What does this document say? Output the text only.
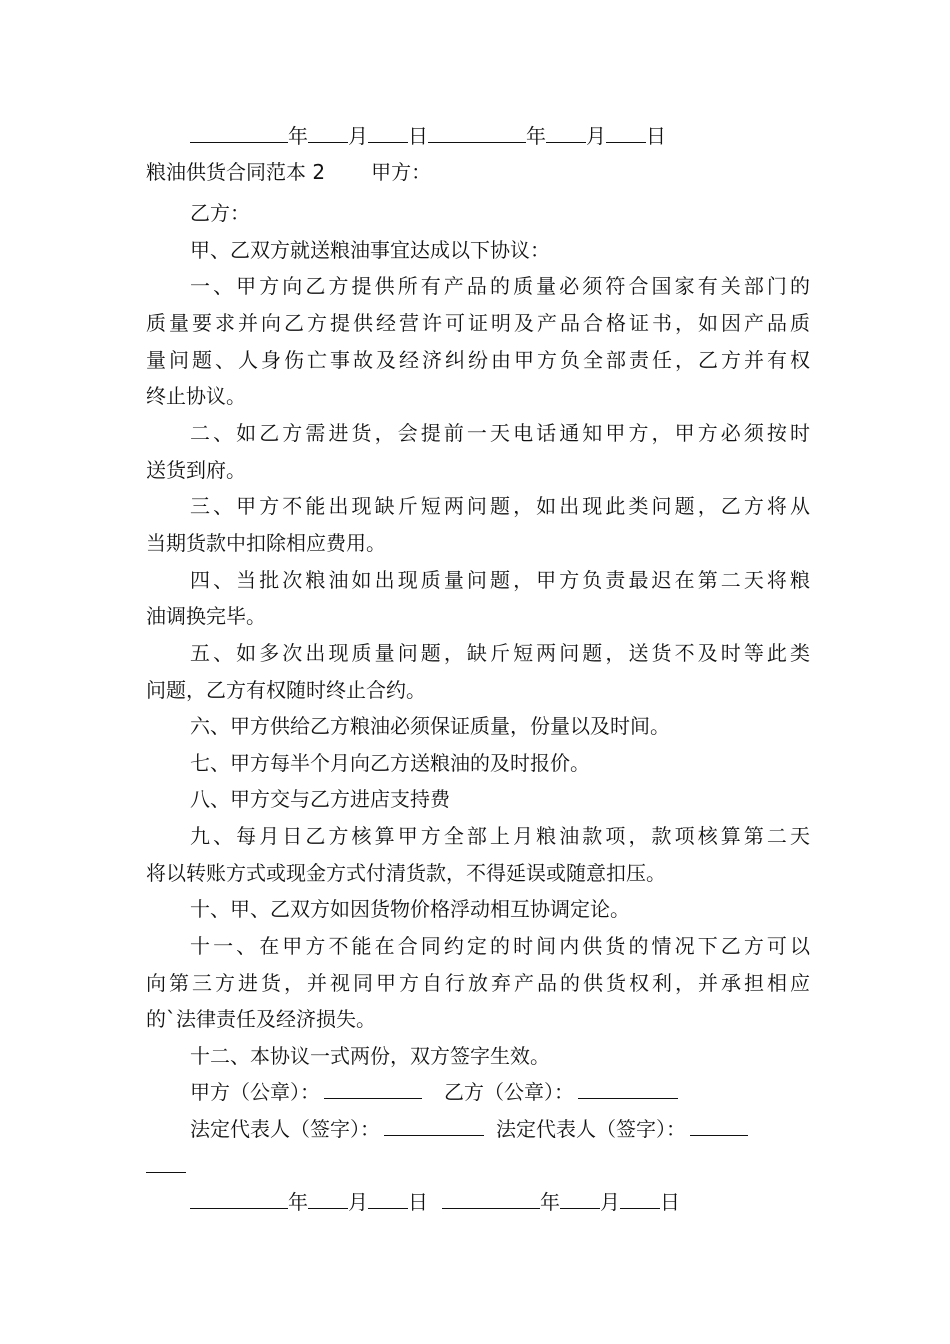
年 月 日	年 月 日
粮油供货合同范本 2 甲方：
乙方：
甲、乙双方就送粮油事宜达成以下协议：
一、甲方向乙方提供所有产品的质量必须符合国家有关部门的
质量要求并向乙方提供经营许可证明及产品合格证书，如因产品质
量问题、人身伤亡事故及经济纠纷由甲方负全部责任，乙方并有权
终止协议。
二、如乙方需进货，会提前一天电话通知甲方，甲方必须按时
送货到府。
三、甲方不能出现缺斤短两问题，如出现此类问题，乙方将从
当期货款中扣除相应费用。
四、当批次粮油如出现质量问题，甲方负责最迟在第二天将粮
油调换完毕。
五、如多次出现质量问题，缺斤短两问题，送货不及时等此类
问题，乙方有权随时终止合约。
六、甲方供给乙方粮油必须保证质量，份量以及时间。
七、甲方每半个月向乙方送粮油的及时报价。
八、甲方交与乙方进店支持费
九、每月日乙方核算甲方全部上月粮油款项，款项核算第二天
将以转账方式或现金方式付清货款，不得延误或随意扣压。
十、甲、乙双方如因货物价格浮动相互协调定论。
十一、在甲方不能在合同约定的时间内供货的情况下乙方可以
向第三方进货，并视同甲方自行放弃产品的供货权利，并承担相应
的`法律责任及经济损失。
十二、本协议一式两份，双方签字生效。
甲方（公章）：	乙方（公章）：
法定代表人（签字）：	法定代表人（签字）：
年 月 日	年 月 日
